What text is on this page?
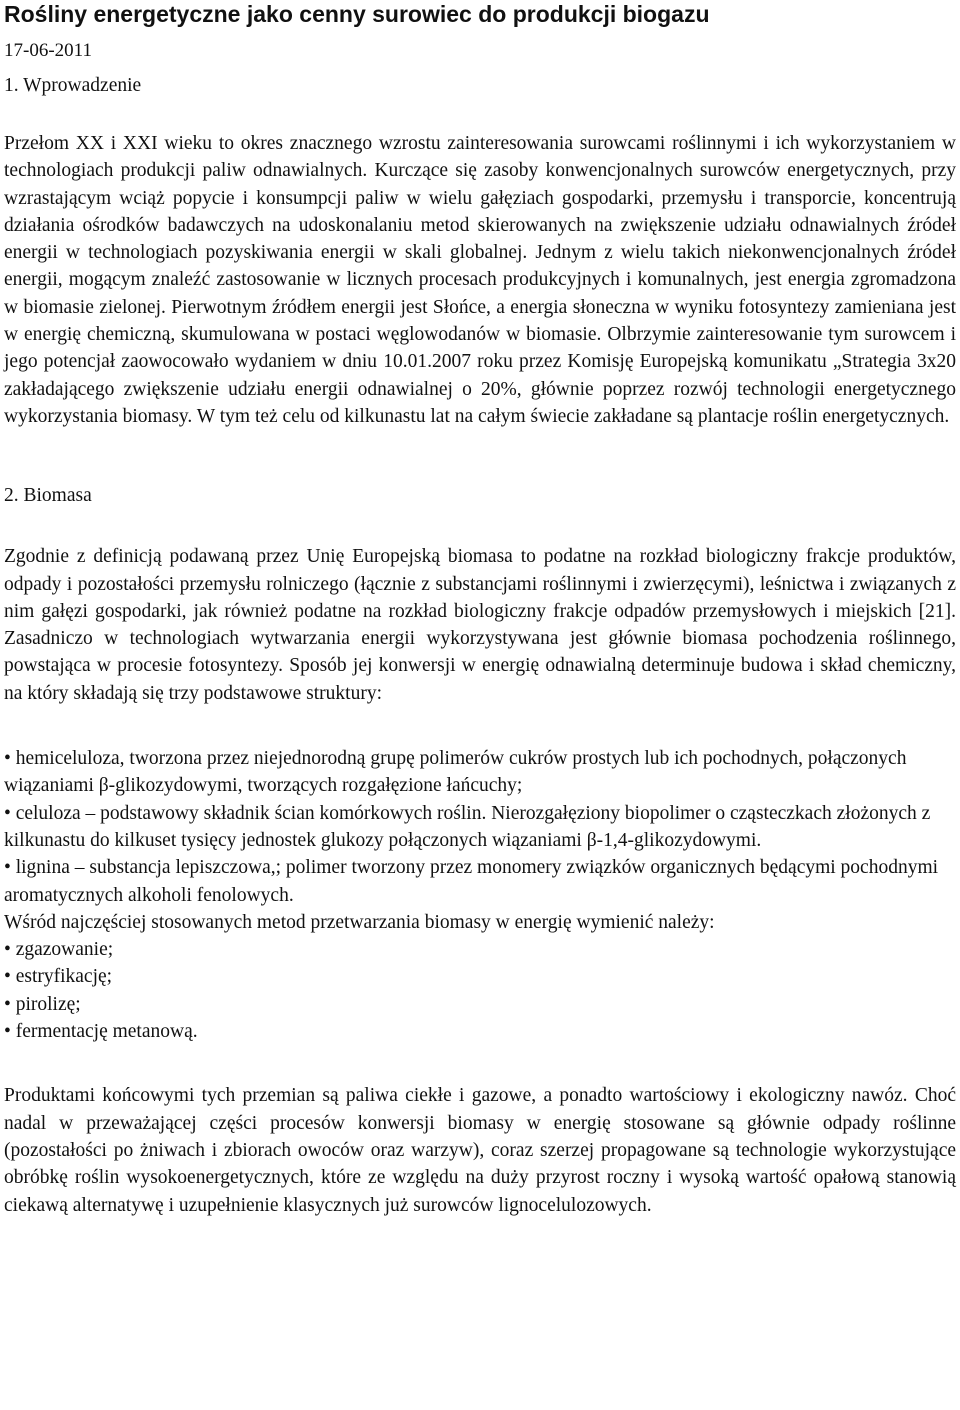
Rośliny energetyczne jako cenny surowiec do produkcji biogazu
17-06-2011
1. Wprowadzenie

Przełom XX i XXI wieku to okres znacznego wzrostu zainteresowania surowcami roślinnymi i ich wykorzystaniem w technologiach produkcji paliw odnawialnych. Kurczące się zasoby konwencjonalnych surowców energetycznych, przy wzrastającym wciąż popycie i konsumpcji paliw w wielu gałęziach gospodarki, przemysłu i transporcie, koncentrują działania ośrodków badawczych na udoskonalaniu metod skierowanych na zwiększenie udziału odnawialnych źródeł energii w technologiach pozyskiwania energii w skali globalnej. Jednym z wielu takich niekonwencjonalnych źródeł energii, mogącym znaleźć zastosowanie w licznych procesach produkcyjnych i komunalnych, jest energia zgromadzona w biomasie zielonej. Pierwotnym źródłem energii jest Słońce, a energia słoneczna w wyniku fotosyntezy zamieniana jest w energię chemiczną, skumulowana w postaci węglowodanów w biomasie. Olbrzymie zainteresowanie tym surowcem i jego potencjał zaowocowało wydaniem w dniu 10.01.2007 roku przez Komisję Europejską komunikatu „Strategia 3x20 zakładającego zwiększenie udziału energii odnawialnej o 20%, głównie poprzez rozwój technologii energetycznego wykorzystania biomasy. W tym też celu od kilkunastu lat na całym świecie zakładane są plantacje roślin energetycznych.

2. Biomasa

Zgodnie z definicją podawaną przez Unię Europejską biomasa to podatne na rozkład biologiczny frakcje produktów, odpady i pozostałości przemysłu rolniczego (łącznie z substancjami roślinnymi i zwierzęcymi), leśnictwa i związanych z nim gałęzi gospodarki, jak również podatne na rozkład biologiczny frakcje odpadów przemysłowych i miejskich [21]. Zasadniczo w technologiach wytwarzania energii wykorzystywana jest głównie biomasa pochodzenia roślinnego, powstająca w procesie fotosyntezy. Sposób jej konwersji w energię odnawialną determinuje budowa i skład chemiczny, na który składają się trzy podstawowe struktury:

• hemiceluloza, tworzona przez niejednorodną grupę polimerów cukrów prostych lub ich pochodnych, połączonych wiązaniami β-glikozydowymi, tworzących rozgałęzione łańcuchy;
• celuloza – podstawowy składnik ścian komórkowych roślin. Nierozgałęziony biopolimer o cząsteczkach złożonych z kilkunastu do kilkuset tysięcy jednostek glukozy połączonych wiązaniami β-1,4-glikozydowymi.
• lignina – substancja lepiszczowa,; polimer tworzony przez monomery związków organicznych będącymi pochodnymi aromatycznych alkoholi fenolowych.

Wśród najczęściej stosowanych metod przetwarzania biomasy w energię wymienić należy:

• zgazowanie;
• estryfikację;
• pirolizę;
• fermentację metanową.

Produktami końcowymi tych przemian są paliwa ciekłe i gazowe, a ponadto wartościowy i ekologiczny nawóz. Choć nadal w przeważającej części procesów konwersji biomasy w energię stosowane są głównie odpady roślinne (pozostałości po żniwach i zbiorach owoców oraz warzyw), coraz szerzej propagowane są technologie wykorzystujące obróbkę roślin wysokoenergetycznych, które ze względu na duży przyrost roczny i wysoką wartość opałową stanowią ciekawą alternatywę i uzupełnienie klasycznych już surowców lignocelulozowych.
